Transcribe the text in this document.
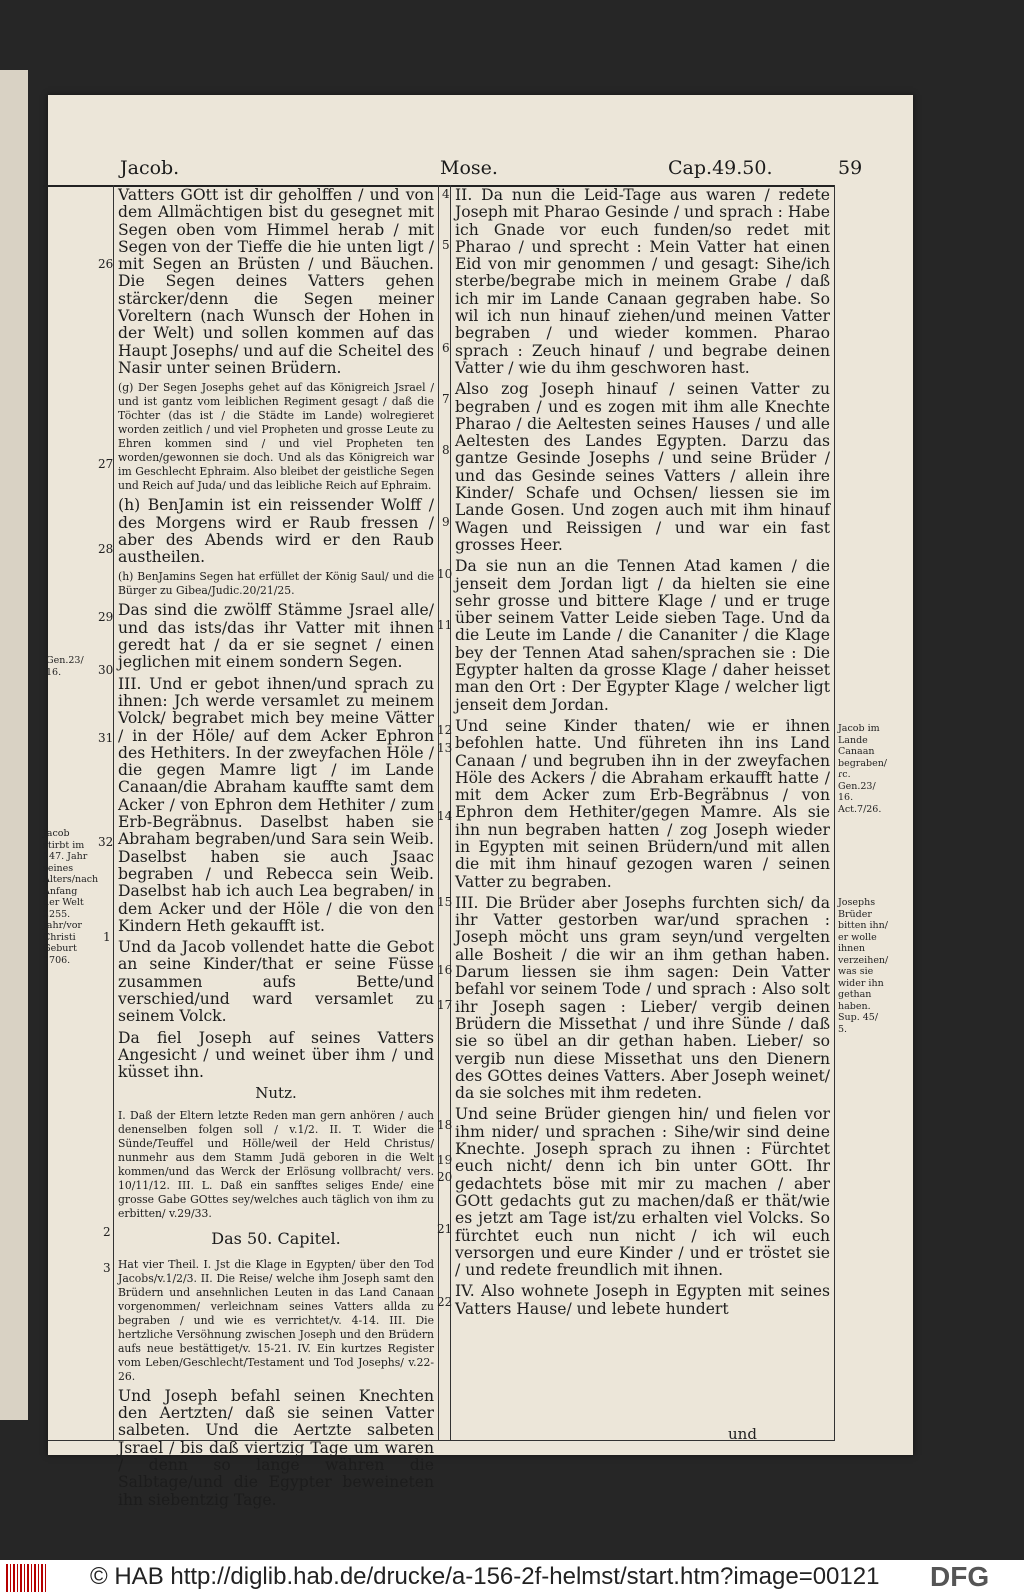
Jacob.	Mose.	Cap.49.50.	59

Vatters GOtt ist dir geholffen / und von dem Allmächtigen bist du gesegnet mit Segen oben vom Himmel herab / mit Segen von der Tieffe die hie unten ligt / mit Segen an Brüsten / und Bäuchen. Die Segen deines Vatters gehen stärcker/denn die Segen meiner Voreltern (nach Wunsch der Hohen in der Welt) und sollen kommen auf das Haupt Josephs/ und auf die Scheitel des Nasir unter seinen Brüdern.

(g) Der Segen Josephs gehet auf das Königreich Jsrael / und ist gantz vom leiblichen Regiment gesagt / daß die Töchter (das ist / die Städte im Lande) wolregieret worden zeitlich / und viel Propheten und grosse Leute zu Ehren kommen sind / und viel Propheten ten worden/gewonnen sie doch. Und als das Königreich war im Geschlecht Ephraim. Also bleibet der geistliche Segen und Reich auf Juda/ und das leibliche Reich auf Ephraim.

(h) BenJamin ist ein reissender Wolff / des Morgens wird er Raub fressen / aber des Abends wird er den Raub austheilen.

(h) BenJamins Segen hat erfüllet der König Saul/ und die Bürger zu Gibea/Judic.20/21/25.

Das sind die zwölff Stämme Jsrael alle/ und das ists/das ihr Vatter mit ihnen geredt hat / da er sie segnet / einen jeglichen mit einem sondern Segen.

III. Und er gebot ihnen/und sprach zu ihnen: Jch werde versamlet zu meinem Volck/ begrabet mich bey meine Vätter / in der Höle/ auf dem Acker Ephron des Hethiters. In der zweyfachen Höle / die gegen Mamre ligt / im Lande Canaan/die Abraham kauffte samt dem Acker / von Ephron dem Hethiter / zum Erb-Begräbnus. Daselbst haben sie Abraham begraben/und Sara sein Weib. Daselbst haben sie auch Jsaac begraben / und Rebecca sein Weib. Daselbst hab ich auch Lea begraben/ in dem Acker und der Höle / die von den Kindern Heth gekaufft ist.

Und da Jacob vollendet hatte die Gebot an seine Kinder/that er seine Füsse zusammen aufs Bette/und verschied/und ward versamlet zu seinem Volck.

Da fiel Joseph auf seines Vatters Angesicht / und weinet über ihm / und küsset ihn.

Nutz.

I. Daß der Eltern letzte Reden man gern anhören / auch denenselben folgen soll / v.1/2. II. T. Wider die Sünde/Teuffel und Hölle/weil der Held Christus/ nunmehr aus dem Stamm Judä geboren in die Welt kommen/und das Werck der Erlösung vollbracht/ vers. 10/11/12. III. L. Daß ein sanfftes seliges Ende/ eine grosse Gabe GOttes sey/welches auch täglich von ihm zu erbitten/ v.29/33.

Das 50. Capitel.

Hat vier Theil. I. Jst die Klage in Egypten/ über den Tod Jacobs/v.1/2/3. II. Die Reise/ welche ihm Joseph samt den Brüdern und ansehnlichen Leuten in das Land Canaan vorgenommen/ verleichnam seines Vatters allda zu begraben / und wie es verrichtet/v. 4-14. III. Die hertzliche Versöhnung zwischen Joseph und den Brüdern aufs neue bestättiget/v. 15-21. IV. Ein kurtzes Register vom Leben/Geschlecht/Testament und Tod Josephs/ v.22-26.

Und Joseph befahl seinen Knechten den Aertzten/ daß sie seinen Vatter salbeten. Und die Aertzte salbeten Jsrael / bis daß viertzig Tage um waren / denn so lange währen die Salbtage/und die Egypter beweineten ihn siebentzig Tage.

II. Da nun die Leid-Tage aus waren / redete Joseph mit Pharao Gesinde / und sprach : Habe ich Gnade vor euch funden/so redet mit Pharao / und sprecht : Mein Vatter hat einen Eid von mir genommen / und gesagt: Sihe/ich sterbe/begrabe mich in meinem Grabe / daß ich mir im Lande Canaan gegraben habe. So wil ich nun hinauf ziehen/und meinen Vatter begraben / und wieder kommen. Pharao sprach : Zeuch hinauf / und begrabe deinen Vatter / wie du ihm geschworen hast.

Also zog Joseph hinauf / seinen Vatter zu begraben / und es zogen mit ihm alle Knechte Pharao / die Aeltesten seines Hauses / und alle Aeltesten des Landes Egypten. Darzu das gantze Gesinde Josephs / und seine Brüder / und das Gesinde seines Vatters / allein ihre Kinder/ Schafe und Ochsen/ liessen sie im Lande Gosen. Und zogen auch mit ihm hinauf Wagen und Reissigen / und war ein fast grosses Heer.

Da sie nun an die Tennen Atad kamen / die jenseit dem Jordan ligt / da hielten sie eine sehr grosse und bittere Klage / und er truge über seinem Vatter Leide sieben Tage. Und da die Leute im Lande / die Cananiter / die Klage bey der Tennen Atad sahen/sprachen sie : Die Egypter halten da grosse Klage / daher heisset man den Ort : Der Egypter Klage / welcher ligt jenseit dem Jordan.

Und seine Kinder thaten/ wie er ihnen befohlen hatte. Und führeten ihn ins Land Canaan / und begruben ihn in der zweyfachen Höle des Ackers / die Abraham erkaufft hatte / mit dem Acker zum Erb-Begräbnus / von Ephron dem Hethiter/gegen Mamre. Als sie ihn nun begraben hatten / zog Joseph wieder in Egypten mit seinen Brüdern/und mit allen die mit ihm hinauf gezogen waren / seinen Vatter zu begraben.

III. Die Brüder aber Josephs furchten sich/ da ihr Vatter gestorben war/und sprachen : Joseph möcht uns gram seyn/und vergelten alle Bosheit / die wir an ihm gethan haben. Darum liessen sie ihm sagen: Dein Vatter befahl vor seinem Tode / und sprach : Also solt ihr Joseph sagen : Lieber/ vergib deinen Brüdern die Missethat / und ihre Sünde / daß sie so übel an dir gethan haben. Lieber/ so vergib nun diese Missethat uns den Dienern des GOttes deines Vatters. Aber Joseph weinet/ da sie solches mit ihm redeten.

Und seine Brüder giengen hin/ und fielen vor ihm nider/ und sprachen : Sihe/wir sind deine Knechte. Joseph sprach zu ihnen : Fürchtet euch nicht/ denn ich bin unter GOtt. Ihr gedachtets böse mit mir zu machen / aber GOtt gedachts gut zu machen/daß er thät/wie es jetzt am Tage ist/zu erhalten viel Volcks. So fürchtet euch nun nicht / ich wil euch versorgen und eure Kinder / und er tröstet sie / und redete freundlich mit ihnen.

IV. Also wohnete Joseph in Egypten mit seines Vatters Hause/ und lebete hundert

26
27
28
29
30
31
32
1
2
3
4
5
6
7
8
9
10
11
12
13
14
15
16
17
18
19
20
21
22
Gen.23/ 16.
Jacob stirbt im 147. Jahr seines Alters/nach Anfang der Welt 2255. Jahr/vor Christi Geburt 1706.
Jacob im Lande Canaan begraben/ ɾc. Gen.23/ 16. Act.7/26.
Josephs Brüder bitten ihn/ er wolle ihnen verzeihen/ was sie wider ihn gethan haben. Sup. 45/ 5.
und
© HAB http://diglib.hab.de/drucke/a-156-2f-helmst/start.htm?image=00121 DFG
